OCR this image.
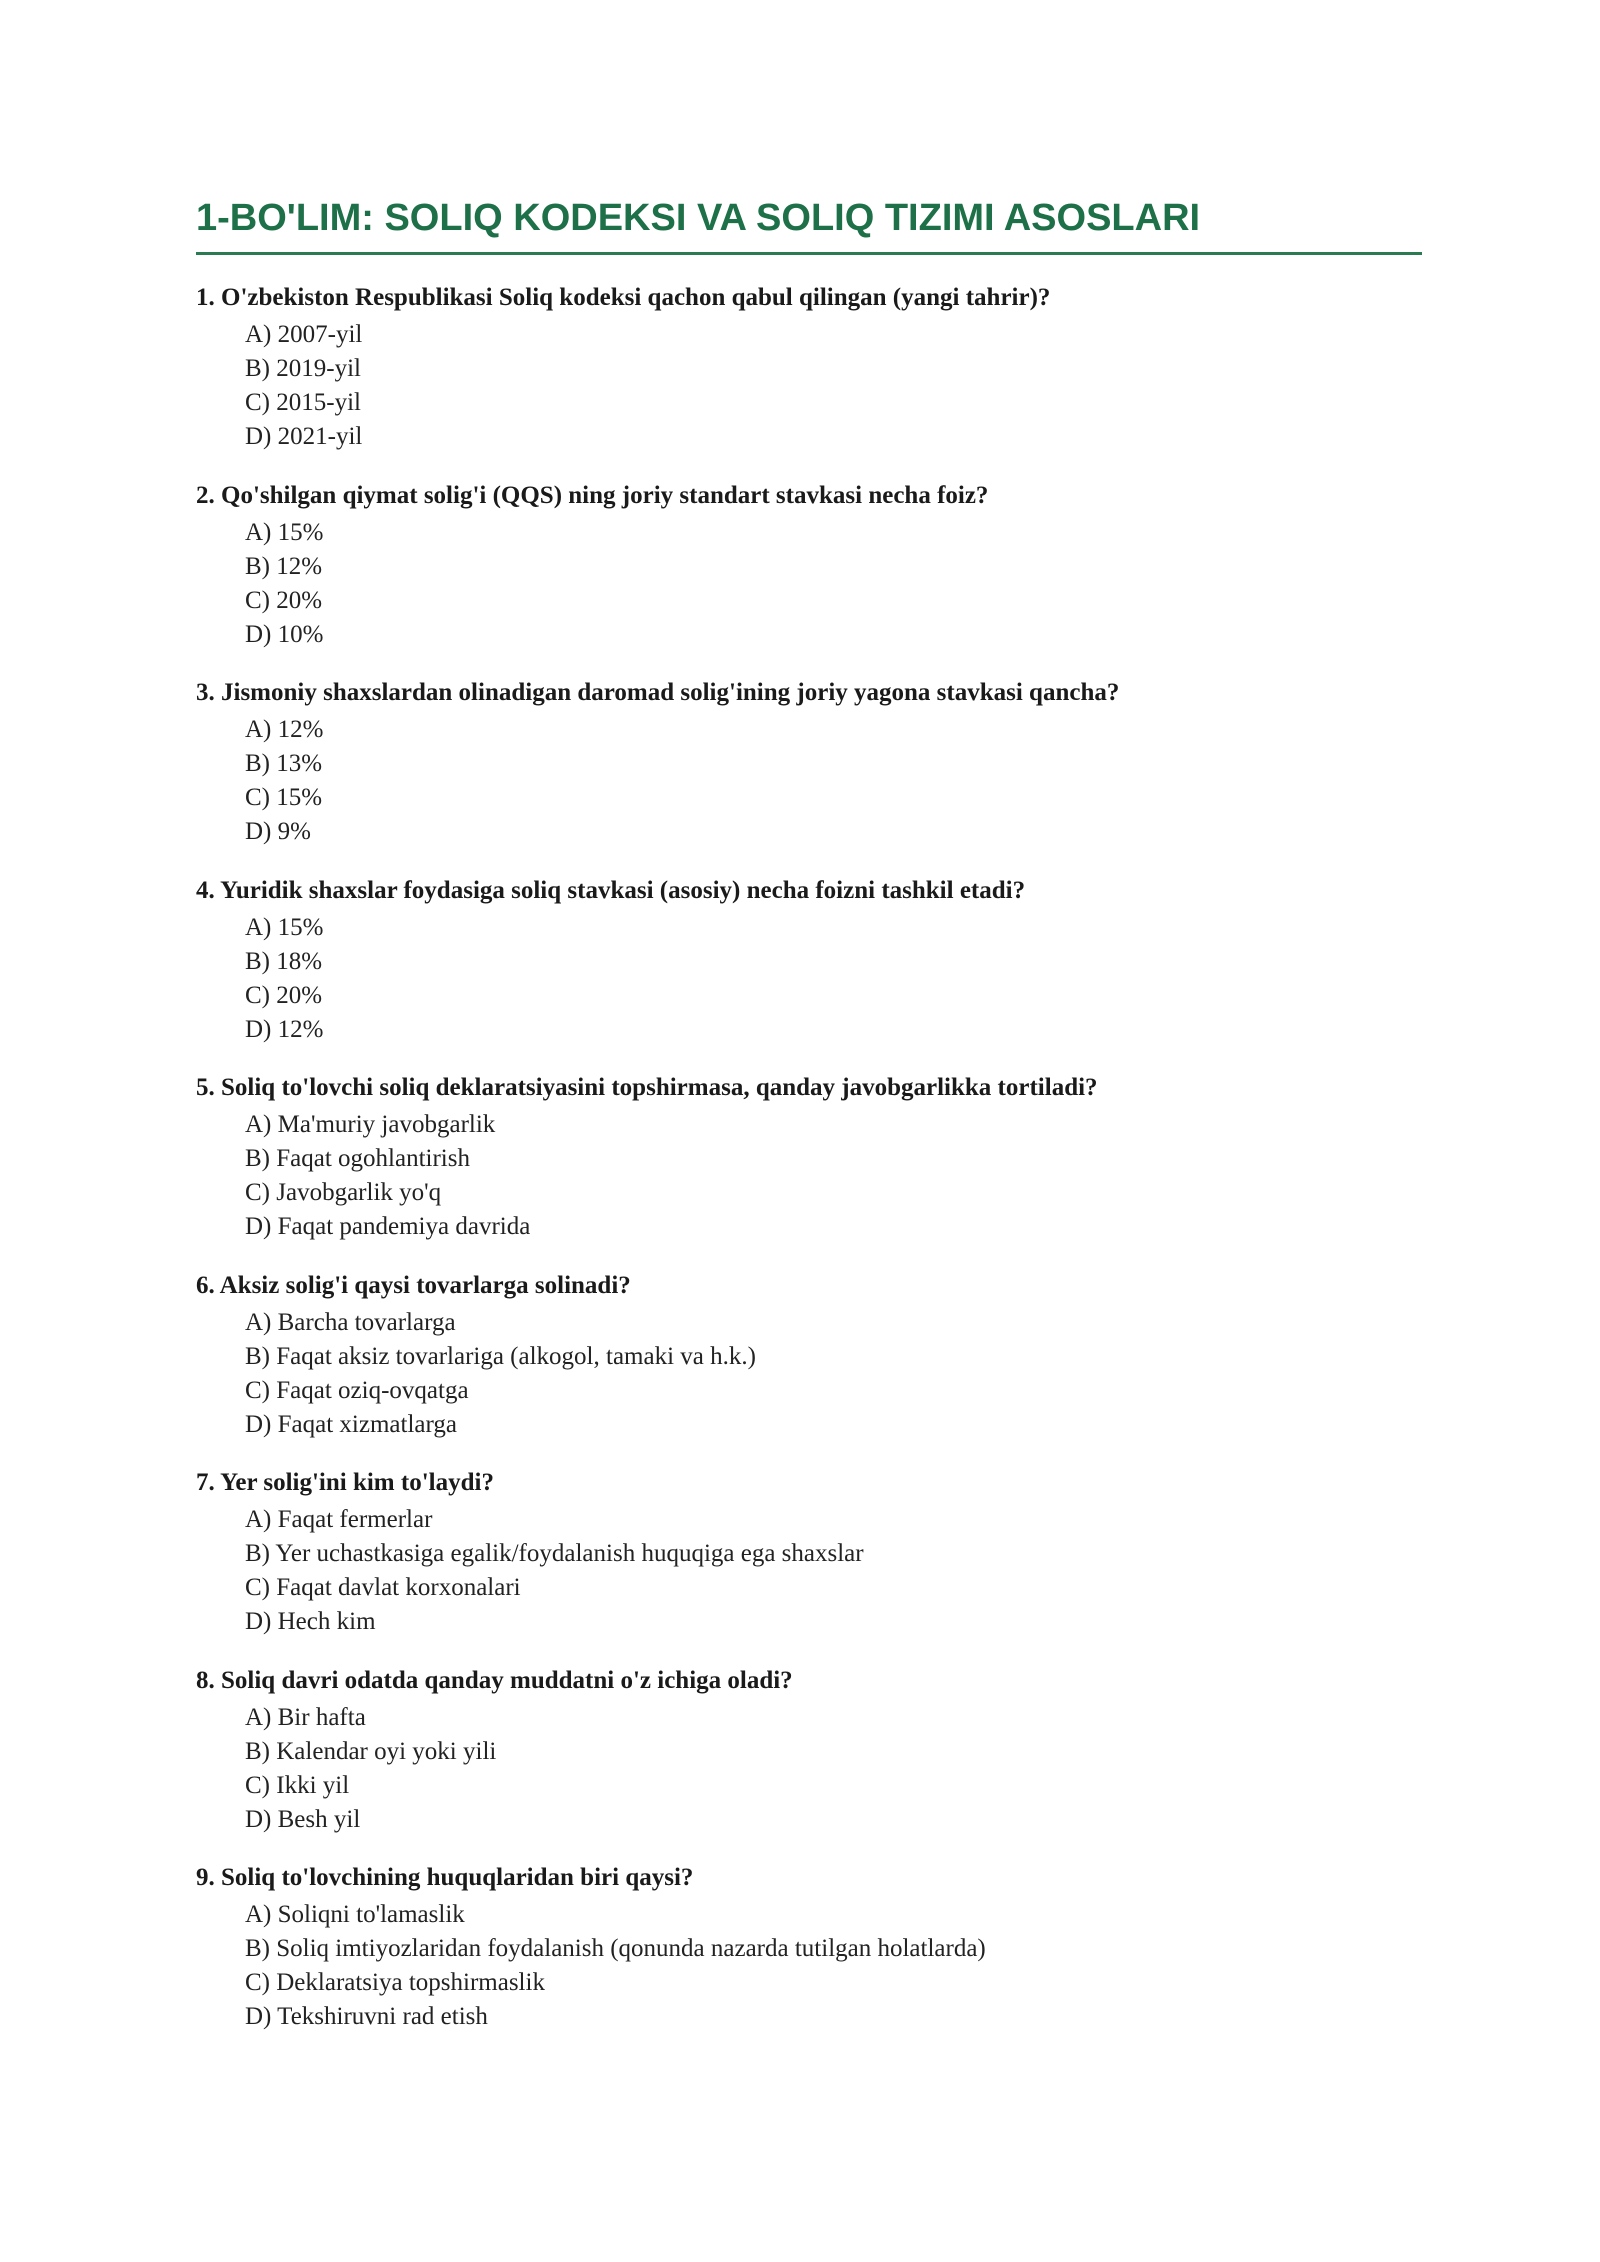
1-BO'LIM: SOLIQ KODEKSI VA SOLIQ TIZIMI ASOSLARI
1. O'zbekiston Respublikasi Soliq kodeksi qachon qabul qilingan (yangi tahrir)?
A) 2007-yil
B) 2019-yil
C) 2015-yil
D) 2021-yil
2. Qo'shilgan qiymat solig'i (QQS) ning joriy standart stavkasi necha foiz?
A) 15%
B) 12%
C) 20%
D) 10%
3. Jismoniy shaxslardan olinadigan daromad solig'ining joriy yagona stavkasi qancha?
A) 12%
B) 13%
C) 15%
D) 9%
4. Yuridik shaxslar foydasiga soliq stavkasi (asosiy) necha foizni tashkil etadi?
A) 15%
B) 18%
C) 20%
D) 12%
5. Soliq to'lovchi soliq deklaratsiyasini topshirmasa, qanday javobgarlikka tortiladi?
A) Ma'muriy javobgarlik
B) Faqat ogohlantirish
C) Javobgarlik yo'q
D) Faqat pandemiya davrida
6. Aksiz solig'i qaysi tovarlarga solinadi?
A) Barcha tovarlarga
B) Faqat aksiz tovarlariga (alkogol, tamaki va h.k.)
C) Faqat oziq-ovqatga
D) Faqat xizmatlarga
7. Yer solig'ini kim to'laydi?
A) Faqat fermerlar
B) Yer uchastkasiga egalik/foydalanish huquqiga ega shaxslar
C) Faqat davlat korxonalari
D) Hech kim
8. Soliq davri odatda qanday muddatni o'z ichiga oladi?
A) Bir hafta
B) Kalendar oyi yoki yili
C) Ikki yil
D) Besh yil
9. Soliq to'lovchining huquqlaridan biri qaysi?
A) Soliqni to'lamaslik
B) Soliq imtiyozlaridan foydalanish (qonunda nazarda tutilgan holatlarda)
C) Deklaratsiya topshirmaslik
D) Tekshiruvni rad etish
